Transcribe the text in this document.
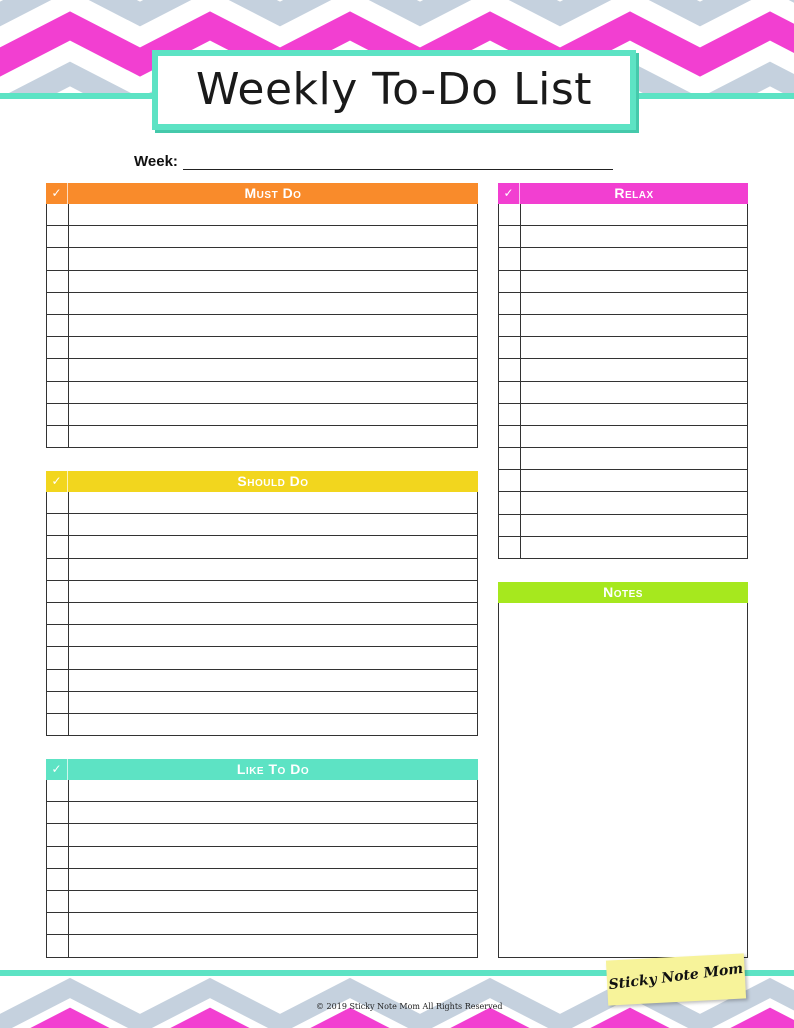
Weekly To-Do List
Week:
✓	Must Do
✓	Should Do
✓	Like To Do
✓	Relax
Notes
© 2019 Sticky Note Mom All Rights Reserved
Sticky Note Mom
